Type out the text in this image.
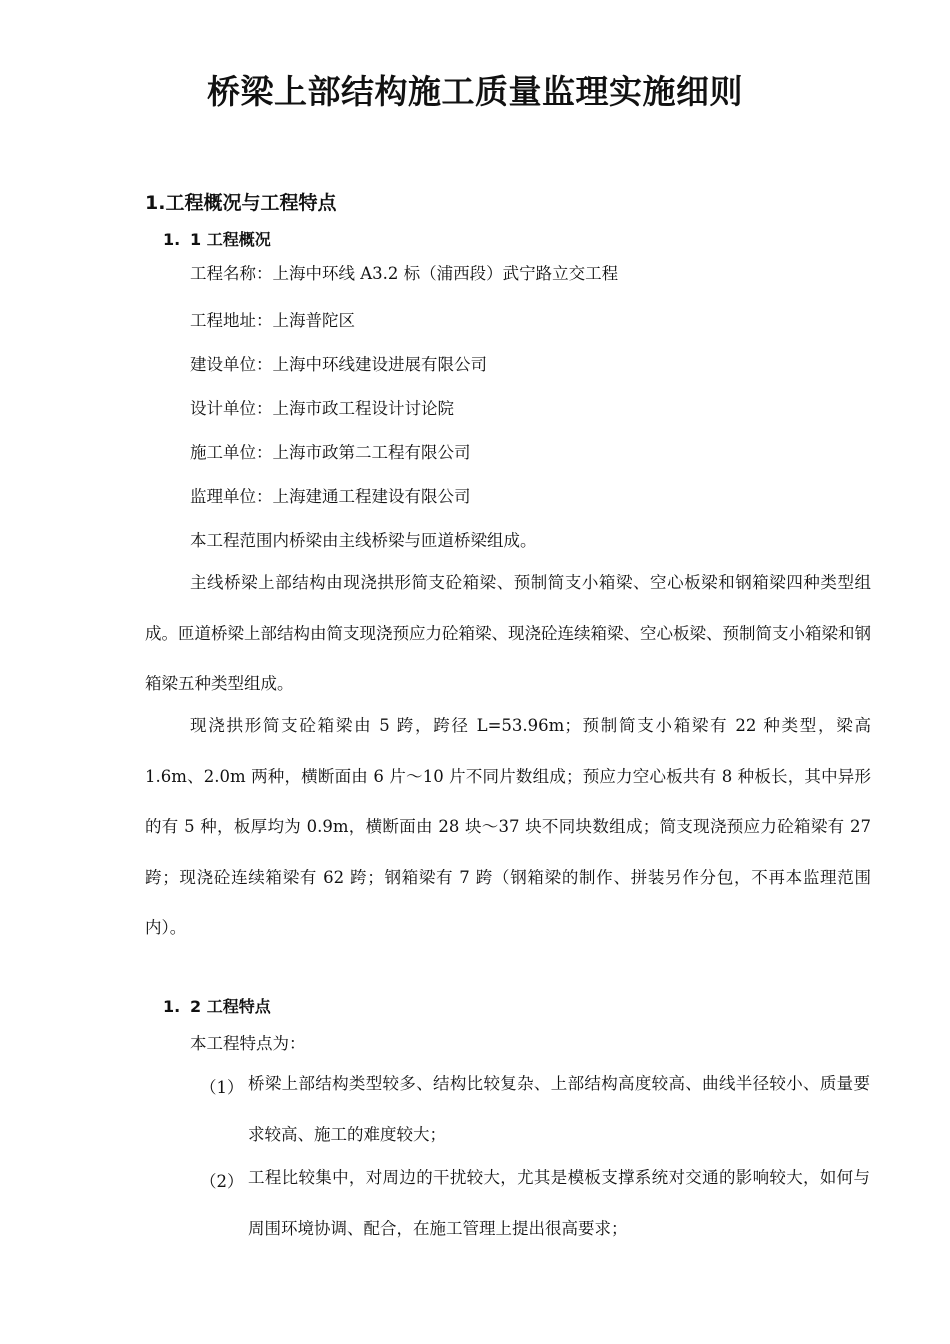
桥梁上部结构施工质量监理实施细则
1.工程概况与工程特点
1. 1 工程概况
工程名称：上海中环线 A3.2 标（浦西段）武宁路立交工程
工程地址：上海普陀区
建设单位：上海中环线建设进展有限公司
设计单位：上海市政工程设计讨论院
施工单位：上海市政第二工程有限公司
监理单位：上海建通工程建设有限公司
本工程范围内桥梁由主线桥梁与匝道桥梁组成。

主线桥梁上部结构由现浇拱形简支砼箱梁、预制简支小箱梁、空心板梁和钢箱梁四种类型组成。匝道桥梁上部结构由简支现浇预应力砼箱梁、现浇砼连续箱梁、空心板梁、预制简支小箱梁和钢箱梁五种类型组成。

现浇拱形简支砼箱梁由 5 跨，跨径 L=53.96m；预制简支小箱梁有 22 种类型，梁高 1.6m、2.0m 两种，横断面由 6 片～10 片不同片数组成；预应力空心板共有 8 种板长，其中异形的有 5 种，板厚均为 0.9m，横断面由 28 块～37 块不同块数组成；简支现浇预应力砼箱梁有 27 跨；现浇砼连续箱梁有 62 跨；钢箱梁有 7 跨（钢箱梁的制作、拼装另作分包，不再本监理范围内）。

1. 2 工程特点
本工程特点为：
（1） 桥梁上部结构类型较多、结构比较复杂、上部结构高度较高、曲线半径较小、质量要求较高、施工的难度较大；
（2） 工程比较集中，对周边的干扰较大，尤其是模板支撑系统对交通的影响较大，如何与周围环境协调、配合，在施工管理上提出很高要求；
